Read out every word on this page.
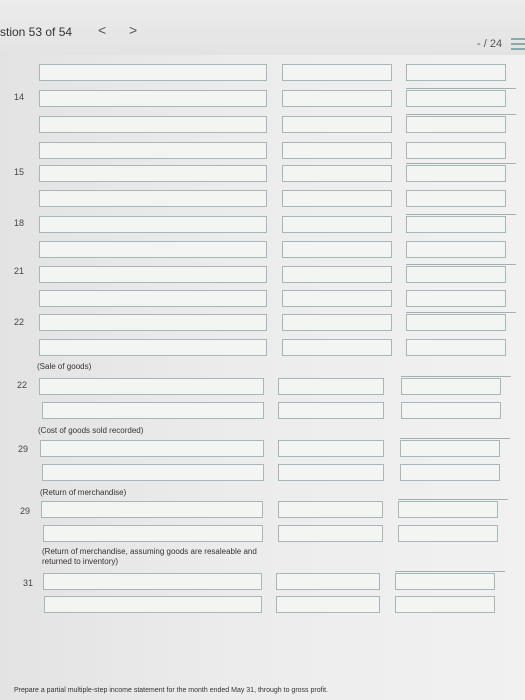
stion 53 of 54 < >
- / 24
14
15
18
21
22
(Sale of goods)
22
(Cost of goods sold recorded)
29
(Return of merchandise)
29
(Return of merchandise, assuming goods are resaleable and returned to inventory)
31
Prepare a partial multiple-step income statement for the month ended May 31, through to gross profit.
